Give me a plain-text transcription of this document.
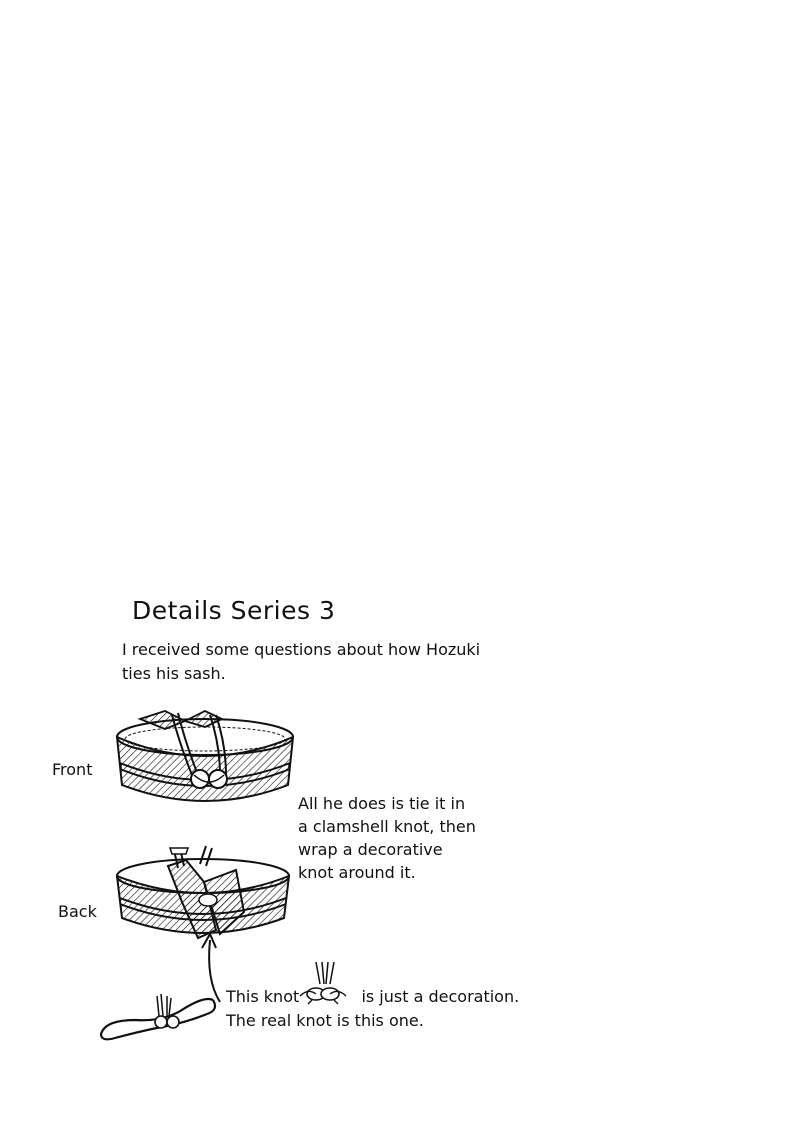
Details Series 3
I received some questions about how Hozuki
ties his sash.
Front
Back
All he does is tie it in
a clamshell knot, then
wrap a decorative
knot around it.
This knot	is just a decoration.
The real knot is this one.
